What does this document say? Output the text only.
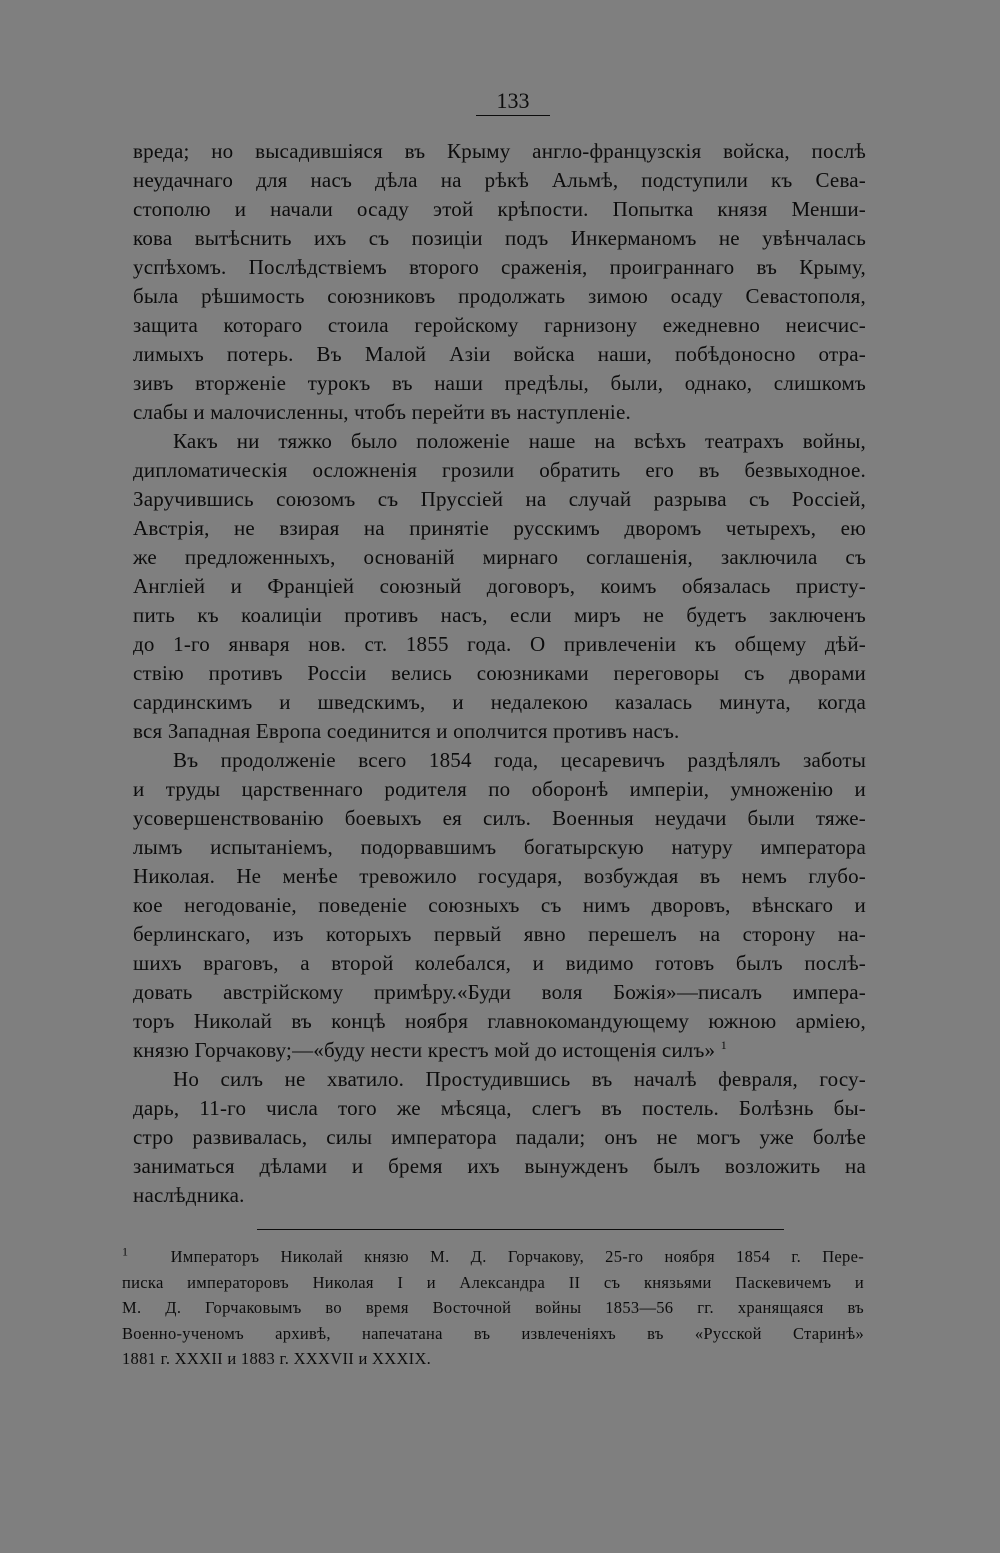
133
вреда; но высадившіяся въ Крыму англо-французскія войска, послѣ
неудачнаго для насъ дѣла на рѣкѣ Альмѣ, подступили къ Сева-
стополю и начали осаду этой крѣпости. Попытка князя Менши-
кова вытѣснить ихъ съ позиціи подъ Инкерманомъ не увѣнчалась
успѣхомъ. Послѣдствіемъ второго сраженія, проиграннаго въ Крыму,
была рѣшимость союзниковъ продолжать зимою осаду Севастополя,
защита котораго стоила геройскому гарнизону ежедневно неисчис-
лимыхъ потерь. Въ Малой Азіи войска наши, побѣдоносно отра-
зивъ вторженіе турокъ въ наши предѣлы, были, однако, слишкомъ
слабы и малочисленны, чтобъ перейти въ наступленіе.
Какъ ни тяжко было положеніе наше на всѣхъ театрахъ войны,
дипломатическія осложненія грозили обратить его въ безвыходное.
Заручившись союзомъ съ Пруссіей на случай разрыва съ Россіей,
Австрія, не взирая на принятіе русскимъ дворомъ четырехъ, ею
же предложенныхъ, основаній мирнаго соглашенія, заключила съ
Англіей и Франціей союзный договоръ, коимъ обязалась присту-
пить къ коалиціи противъ насъ, если миръ не будетъ заключенъ
до 1-го января нов. ст. 1855 года. О привлеченіи къ общему дѣй-
ствію противъ Россіи велись союзниками переговоры съ дворами
сардинскимъ и шведскимъ, и недалекою казалась минута, когда
вся Западная Европа соединится и ополчится противъ насъ.
Въ продолженіе всего 1854 года, цесаревичъ раздѣлялъ заботы
и труды царственнаго родителя по оборонѣ имперіи, умноженію и
усовершенствованію боевыхъ ея силъ. Военныя неудачи были тяже-
лымъ испытаніемъ, подорвавшимъ богатырскую натуру императора
Николая. Не менѣе тревожило государя, возбуждая въ немъ глубо-
кое негодованіе, поведеніе союзныхъ съ нимъ дворовъ, вѣнскаго и
берлинскаго, изъ которыхъ первый явно перешелъ на сторону на-
шихъ враговъ, а второй колебался, и видимо готовъ былъ послѣ-
довать австрійскому примѣру.«Буди воля Божія»—писалъ импера-
торъ Николай въ концѣ ноября главнокомандующему южною арміею,
князю Горчакову;—«буду нести крестъ мой до истощенія силъ» $^1$
Но силъ не хватило. Простудившись въ началѣ февраля, госу-
дарь, 11-го числа того же мѣсяца, слегъ въ постель. Болѣзнь бы-
стро развивалась, силы императора падали; онъ не могъ уже болѣе
заниматься дѣлами и бремя ихъ вынужденъ былъ возложить на
наслѣдника.
$^1$	Императоръ Николай князю М. Д. Горчакову, 25-го ноября 1854 г. Пере-
писка императоровъ Николая I и Александра II съ князьями Паскевичемъ и
М. Д. Горчаковымъ во время Восточной войны 1853—56 гг. хранящаяся въ
Военно-ученомъ архивѣ, напечатана въ извлеченіяхъ въ «Русской Старинѣ»
1881 г. XXXII и 1883 г. XXXVII и XXXIX.
